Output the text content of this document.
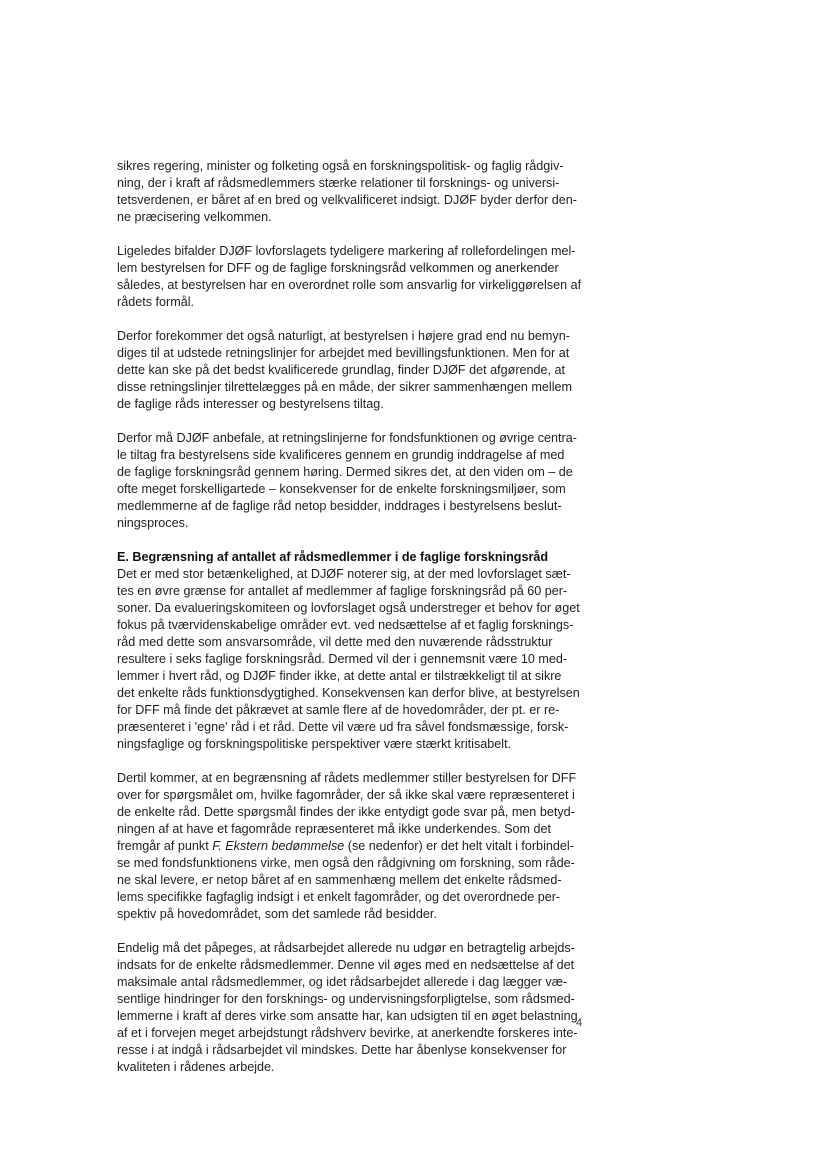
sikres regering, minister og folketing også en forskningspolitisk- og faglig rådgiv-
ning, der i kraft af rådsmedlemmers stærke relationer til forsknings- og universi-
tetsverdenen, er båret af en bred og velkvalificeret indsigt. DJØF byder derfor den-
ne præcisering velkommen.
Ligeledes bifalder DJØF lovforslagets tydeligere markering af rollefordelingen mel-
lem bestyrelsen for DFF og de faglige forskningsråd velkommen og anerkender
således, at bestyrelsen har en overordnet rolle som ansvarlig for virkeliggørelsen af
rådets formål.
Derfor forekommer det også naturligt, at bestyrelsen i højere grad end nu bemyn-
diges til at udstede retningslinjer for arbejdet med bevillingsfunktionen. Men for at
dette kan ske på det bedst kvalificerede grundlag, finder DJØF det afgørende, at
disse retningslinjer tilrettelægges på en måde, der sikrer sammenhængen mellem
de faglige råds interesser og bestyrelsens tiltag.
Derfor må DJØF anbefale, at retningslinjerne for fondsfunktionen og øvrige centra-
le tiltag fra bestyrelsens side kvalificeres gennem en grundig inddragelse af med
de faglige forskningsråd gennem høring. Dermed sikres det, at den viden om – de
ofte meget forskelligartede – konsekvenser for de enkelte forskningsmiljøer, som
medlemmerne af de faglige råd netop besidder, inddrages i bestyrelsens beslut-
ningsproces.
E. Begrænsning af antallet af rådsmedlemmer i de faglige forskningsråd
Det er med stor betænkelighed, at DJØF noterer sig, at der med lovforslaget sæt-
tes en øvre grænse for antallet af medlemmer af faglige forskningsråd på 60 per-
soner. Da evalueringskomiteen og lovforslaget også understreger et behov for øget
fokus på tværvidenskabelige områder evt. ved nedsættelse af et faglig forsknings-
råd med dette som ansvarsområde, vil dette med den nuværende rådsstruktur
resultere i seks faglige forskningsråd. Dermed vil der i gennemsnit være 10 med-
lemmer i hvert råd, og DJØF finder ikke, at dette antal er tilstrækkeligt til at sikre
det enkelte råds funktionsdygtighed. Konsekvensen kan derfor blive, at bestyrelsen
for DFF må finde det påkrævet at samle flere af de hovedområder, der pt. er re-
præsenteret i 'egne' råd i et råd. Dette vil være ud fra såvel fondsmæssige, forsk-
ningsfaglige og forskningspolitiske perspektiver være stærkt kritisabelt.
Dertil kommer, at en begrænsning af rådets medlemmer stiller bestyrelsen for DFF
over for spørgsmålet om, hvilke fagområder, der så ikke skal være repræsenteret i
de enkelte råd. Dette spørgsmål findes der ikke entydigt gode svar på, men betyd-
ningen af at have et fagområde repræsenteret må ikke underkendes. Som det
fremgår af punkt F. Ekstern bedømmelse (se nedenfor) er det helt vitalt i forbindel-
se med fondsfunktionens virke, men også den rådgivning om forskning, som råde-
ne skal levere, er netop båret af en sammenhæng mellem det enkelte rådsmed-
lems specifikke fagfaglig indsigt i et enkelt fagområder, og det overordnede per-
spektiv på hovedområdet, som det samlede råd besidder.
Endelig må det påpeges, at rådsarbejdet allerede nu udgør en betragtelig arbejds-
indsats for de enkelte rådsmedlemmer. Denne vil øges med en nedsættelse af det
maksimale antal rådsmedlemmer, og idet rådsarbejdet allerede i dag lægger væ-
sentlige hindringer for den forsknings- og undervisningsforpligtelse, som rådsmed-
lemmerne i kraft af deres virke som ansatte har, kan udsigten til en øget belastning
af et i forvejen meget arbejdstungt rådshverv bevirke, at anerkendte forskeres inte-
resse i at indgå i rådsarbejdet vil mindskes. Dette har åbenlyse konsekvenser for
kvaliteten i rådenes arbejde.
4
